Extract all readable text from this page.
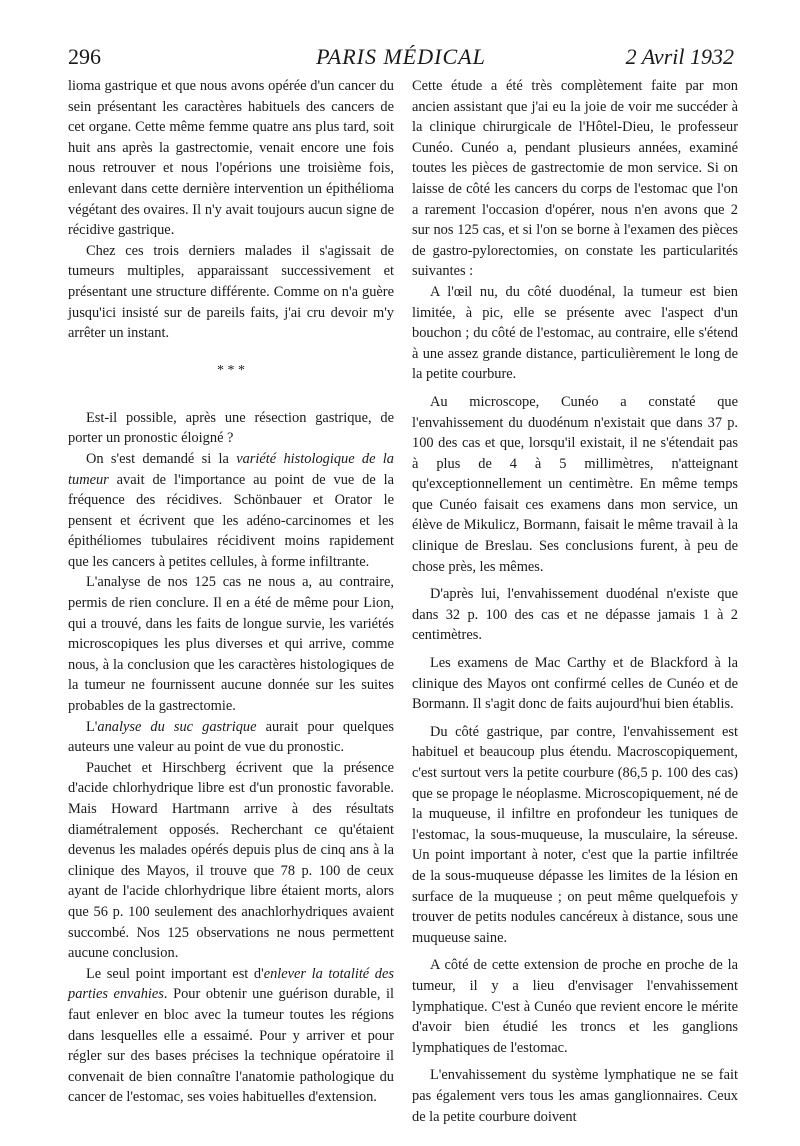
296	PARIS MÉDICAL	2 Avril 1932

lioma gastrique et que nous avons opérée d'un cancer du sein présentant les caractères habituels des cancers de cet organe. Cette même femme quatre ans plus tard, soit huit ans après la gastrectomie, venait encore une fois nous retrouver et nous l'opérions une troisième fois, enlevant dans cette dernière intervention un épithélioma végétant des ovaires. Il n'y avait toujours aucun signe de récidive gastrique.

Chez ces trois derniers malades il s'agissait de tumeurs multiples, apparaissant successivement et présentant une structure différente. Comme on n'a guère jusqu'ici insisté sur de pareils faits, j'ai cru devoir m'y arrêter un instant.

* * *

Est-il possible, après une résection gastrique, de porter un pronostic éloigné ?

On s'est demandé si la variété histologique de la tumeur avait de l'importance au point de vue de la fréquence des récidives. Schönbauer et Orator le pensent et écrivent que les adéno-carcinomes et les épithéliomes tubulaires récidivent moins rapidement que les cancers à petites cellules, à forme infiltrante.

L'analyse de nos 125 cas ne nous a, au contraire, permis de rien conclure. Il en a été de même pour Lion, qui a trouvé, dans les faits de longue survie, les variétés microscopiques les plus diverses et qui arrive, comme nous, à la conclusion que les caractères histologiques de la tumeur ne fournissent aucune donnée sur les suites probables de la gastrectomie.

L'analyse du suc gastrique aurait pour quelques auteurs une valeur au point de vue du pronostic.

Pauchet et Hirschberg écrivent que la présence d'acide chlorhydrique libre est d'un pronostic favorable. Mais Howard Hartmann arrive à des résultats diamétralement opposés. Recherchant ce qu'étaient devenus les malades opérés depuis plus de cinq ans à la clinique des Mayos, il trouve que 78 p. 100 de ceux ayant de l'acide chlorhydrique libre étaient morts, alors que 56 p. 100 seulement des anachlorhydriques avaient succombé. Nos 125 observations ne nous permettent aucune conclusion.

Le seul point important est d'enlever la totalité des parties envahies. Pour obtenir une guérison durable, il faut enlever en bloc avec la tumeur toutes les régions dans lesquelles elle a essaimé. Pour y arriver et pour régler sur des bases précises la technique opératoire il convenait de bien connaître l'anatomie pathologique du cancer de l'estomac, ses voies habituelles d'extension.

Cette étude a été très complètement faite par mon ancien assistant que j'ai eu la joie de voir me succéder à la clinique chirurgicale de l'Hôtel-Dieu, le professeur Cunéo. Cunéo a, pendant plusieurs années, examiné toutes les pièces de gastrectomie de mon service. Si on laisse de côté les cancers du corps de l'estomac que l'on a rarement l'occasion d'opérer, nous n'en avons que 2 sur nos 125 cas, et si l'on se borne à l'examen des pièces de gastro-pylorectomies, on constate les particularités suivantes :

A l'œil nu, du côté duodénal, la tumeur est bien limitée, à pic, elle se présente avec l'aspect d'un bouchon ; du côté de l'estomac, au contraire, elle s'étend à une assez grande distance, particulièrement le long de la petite courbure.

Au microscope, Cunéo a constaté que l'envahissement du duodénum n'existait que dans 37 p. 100 des cas et que, lorsqu'il existait, il ne s'étendait pas à plus de 4 à 5 millimètres, n'atteignant qu'exceptionnellement un centimètre. En même temps que Cunéo faisait ces examens dans mon service, un élève de Mikulicz, Bormann, faisait le même travail à la clinique de Breslau. Ses conclusions furent, à peu de chose près, les mêmes.

D'après lui, l'envahissement duodénal n'existe que dans 32 p. 100 des cas et ne dépasse jamais 1 à 2 centimètres.

Les examens de Mac Carthy et de Blackford à la clinique des Mayos ont confirmé celles de Cunéo et de Bormann. Il s'agit donc de faits aujourd'hui bien établis.

Du côté gastrique, par contre, l'envahissement est habituel et beaucoup plus étendu. Macroscopiquement, c'est surtout vers la petite courbure (86,5 p. 100 des cas) que se propage le néoplasme. Microscopiquement, né de la muqueuse, il infiltre en profondeur les tuniques de l'estomac, la sous-muqueuse, la musculaire, la séreuse. Un point important à noter, c'est que la partie infiltrée de la sous-muqueuse dépasse les limites de la lésion en surface de la muqueuse ; on peut même quelquefois y trouver de petits nodules cancéreux à distance, sous une muqueuse saine.

A côté de cette extension de proche en proche de la tumeur, il y a lieu d'envisager l'envahissement lymphatique. C'est à Cunéo que revient encore le mérite d'avoir bien étudié les troncs et les ganglions lymphatiques de l'estomac.

L'envahissement du système lymphatique ne se fait pas également vers tous les amas ganglionnaires. Ceux de la petite courbure doivent
